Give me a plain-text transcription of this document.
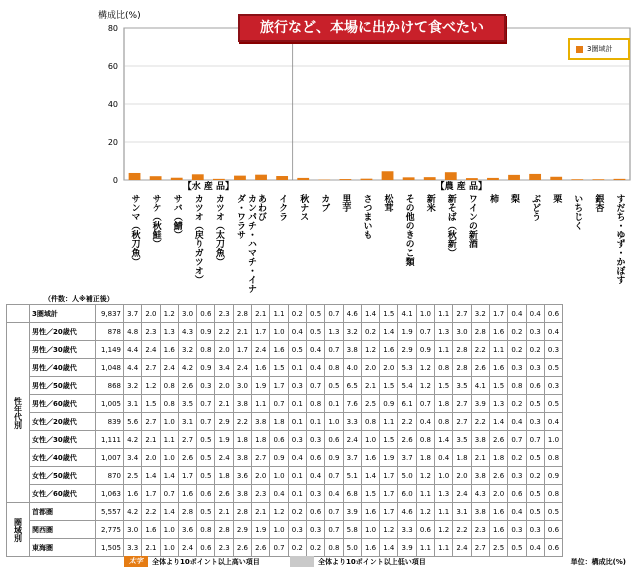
0
20
40
60
80
構成比(%)
旅行など、本場に出かけて食べたい
3圏域計
【水 産 品】	【農 産 品】
サンマ（秋刀魚） サケ（秋鮭） サバ（鯖） カツオ（戻りガツオ） カツオ（太刀魚）	カンパチ・ハマチ・イナダ・ワラサ	あわび イクラ 秋ナス カブ 里芋 さつまいも 松茸 その他のきのこ類 新米 新そば（秋新） ワインの新酒 柿 梨 ぶどう 栗 いちじく 銀杏 すだち・ゆず・かぼす
（件数：人※補正後）
	3圏域計	9,837	3.7	2.0	1.2	3.0	0.6	2.3	2.8	2.1	1.1	0.2	0.5	0.7	4.6	1.4	1.5	4.1	1.0	1.1	2.7	3.2	1.7	0.4	0.4	0.6
性年代別	男性／20歳代	878	4.8	2.3	1.3	4.3	0.9	2.2	2.1	1.7	1.0	0.4	0.5	1.3	3.2	0.2	1.4	1.9	0.7	1.3	3.0	2.8	1.6	0.2	0.3	0.4
	男性／30歳代	1,149	4.4	2.4	1.6	3.2	0.8	2.0	1.7	2.4	1.6	0.5	0.4	0.7	3.8	1.2	1.6	2.9	0.9	1.1	2.8	2.2	1.1	0.2	0.2	0.3
	男性／40歳代	1,048	4.4	2.7	2.4	4.2	0.9	3.4	2.4	1.6	1.5	0.1	0.4	0.8	4.0	2.0	2.0	5.3	1.2	0.8	2.8	2.6	1.6	0.3	0.3	0.5
	男性／50歳代	868	3.2	1.2	0.8	2.6	0.3	2.0	3.0	1.9	1.7	0.3	0.7	0.5	6.5	2.1	1.5	5.4	1.2	1.5	3.5	4.1	1.5	0.8	0.6	0.3
	男性／60歳代	1,005	3.1	1.5	0.8	3.5	0.7	2.1	3.8	1.1	0.7	0.1	0.8	0.1	7.6	2.5	0.9	6.1	0.7	1.8	2.7	3.9	1.3	0.2	0.5	0.5
	女性／20歳代	839	5.6	2.7	1.0	3.1	0.7	2.9	2.2	3.8	1.8	0.1	0.1	1.0	3.3	0.8	1.1	2.2	0.4	0.8	2.7	2.2	1.4	0.4	0.3	0.4
	女性／30歳代	1,111	4.2	2.1	1.1	2.7	0.5	1.9	1.8	1.8	0.6	0.3	0.3	0.6	2.4	1.0	1.5	2.6	0.8	1.4	3.5	3.8	2.6	0.7	0.7	1.0
	女性／40歳代	1,007	3.4	2.0	1.0	2.6	0.5	2.4	3.8	2.7	0.9	0.4	0.6	0.9	3.7	1.6	1.9	3.7	1.8	0.4	1.8	2.1	1.8	0.2	0.5	0.8
	女性／50歳代	870	2.5	1.4	1.4	1.7	0.5	1.8	3.6	2.0	1.0	0.1	0.4	0.7	5.1	1.4	1.7	5.0	1.2	1.0	2.0	3.8	2.6	0.3	0.2	0.9
	女性／60歳代	1,063	1.6	1.7	0.7	1.6	0.6	2.6	3.8	2.3	0.4	0.1	0.3	0.4	6.8	1.5	1.7	6.0	1.1	1.3	2.4	4.3	2.0	0.6	0.5	0.8
圏域別	首都圏	5,557	4.2	2.2	1.4	2.8	0.5	2.1	2.8	2.1	1.2	0.2	0.6	0.7	3.9	1.6	1.7	4.6	1.2	1.1	3.1	3.8	1.6	0.4	0.5	0.5
	関西圏	2,775	3.0	1.6	1.0	3.6	0.8	2.8	2.9	1.9	1.0	0.3	0.3	0.7	5.8	1.0	1.2	3.3	0.6	1.2	2.2	2.3	1.6	0.3	0.3	0.6
	東海圏	1,505	3.3	2.1	1.0	2.4	0.6	2.3	2.6	2.6	0.7	0.2	0.2	0.8	5.0	1.6	1.4	3.9	1.1	1.1	2.4	2.7	2.5	0.5	0.4	0.6
太字	全体より10ポイント以上高い項目	全体より10ポイント以上低い項目	単位：構成比(%)
